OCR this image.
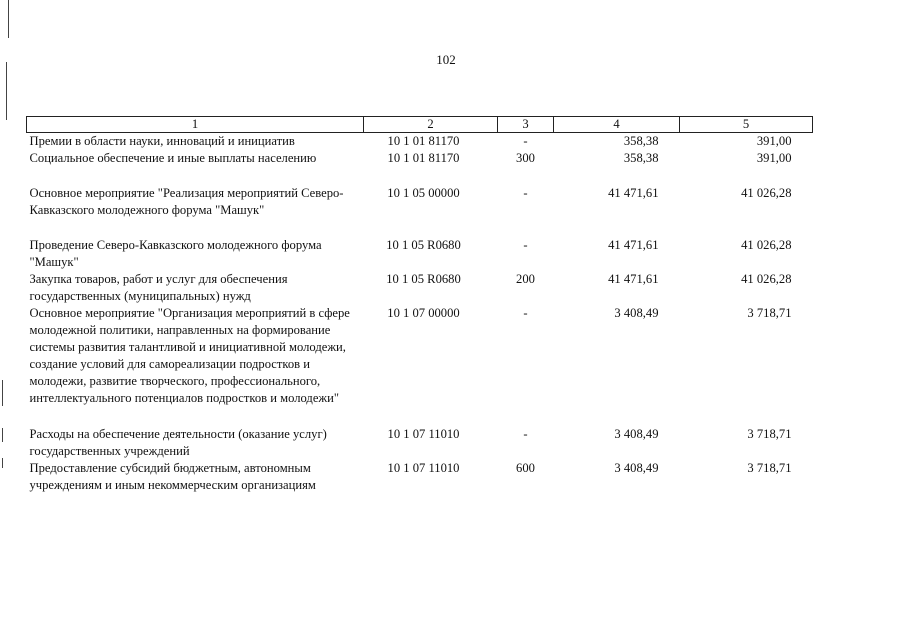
102
1	2	3	4	5
Премии в области науки, инноваций и инициатив	10 1 01 81170	-	358,38	391,00
Социальное обеспечение и иные выплаты населению	10 1 01 81170	300	358,38	391,00

Основное мероприятие "Реализация мероприятий Северо-Кавказского молодежного форума "Машук"	10 1 05 00000	-	41 471,61	41 026,28

Проведение Северо-Кавказского молодежного форума "Машук"	10 1 05 R0680	-	41 471,61	41 026,28
Закупка товаров, работ и услуг для обеспечения государственных (муниципальных) нужд	10 1 05 R0680	200	41 471,61	41 026,28
Основное мероприятие "Организация мероприятий в сфере молодежной политики, направленных на формирование системы развития талантливой и инициативной молодежи, создание условий для самореализации подростков и молодежи, развитие творческого, профессионального, интеллектуального потенциалов подростков и молодежи"	10 1 07 00000	-	3 408,49	3 718,71

Расходы на обеспечение деятельности (оказание услуг) государственных учреждений	10 1 07 11010	-	3 408,49	3 718,71
Предоставление субсидий бюджетным, автономным учреждениям и иным некоммерческим организациям	10 1 07 11010	600	3 408,49	3 718,71
